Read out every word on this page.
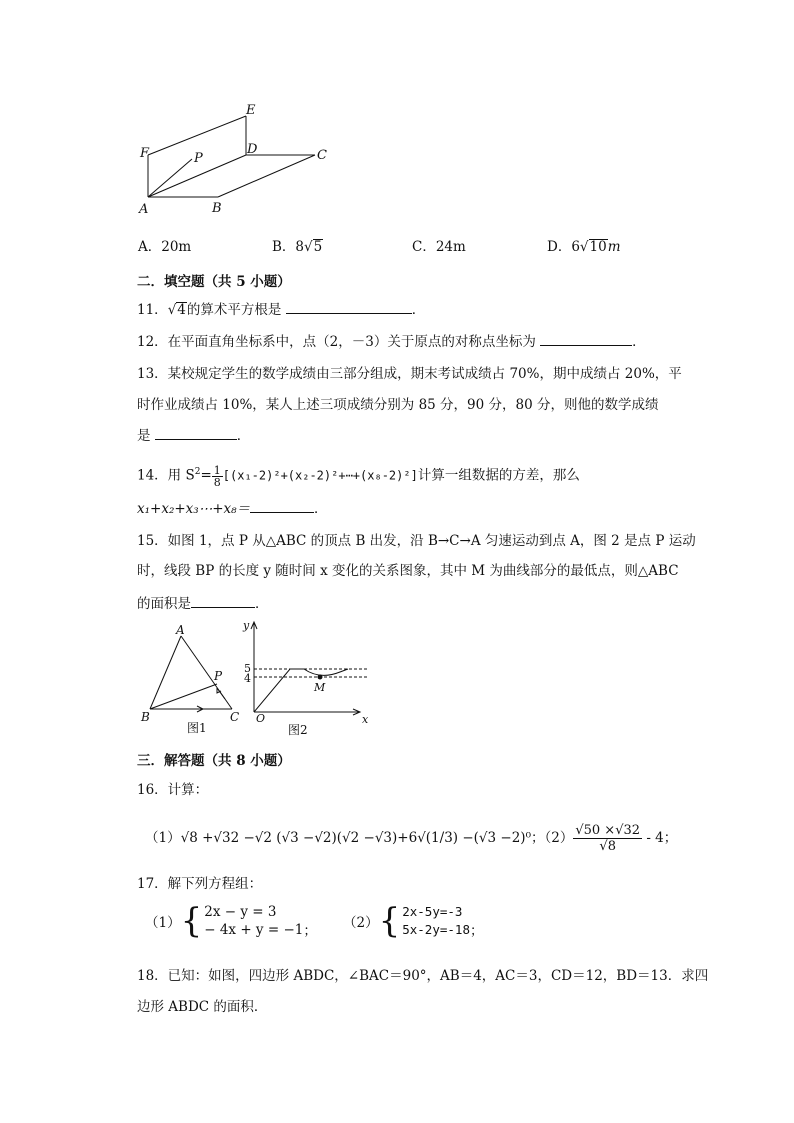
E
F	P
D	C
A	B
A．20m	B．8√5	C．24m	D．6√10m
二．填空题（共 5 小题）
11．√4的算术平方根是	．
12．在平面直角坐标系中，点（2，－3）关于原点的对称点坐标为	．
13．某校规定学生的数学成绩由三部分组成，期末考试成绩占 70%，期中成绩占 20%，平
时作业成绩占 10%，某人上述三项成绩分别为 85 分，90 分，80 分，则他的数学成绩
是	．
14．用 $S^2= \frac{1}{8}$ [(x₁-2)²+(x₂-2)²+⋯+(x₈-2)²]计算一组数据的方差，那么
x₁+x₂+x₃⋯+x₈＝	．
15．如图 1，点 P 从△ABC 的顶点 B 出发，沿 B→C→A 匀速运动到点 A，图 2 是点 P 运动
时，线段 BP 的长度 y 随时间 x 变化的关系图象，其中 M 为曲线部分的最低点，则△ABC
的面积是	．
A
P
B	C
图1
y
5
4
M
O	x
图2
三．解答题（共 8 小题）
16．计算：
（1）√8 +√32 −√2 (√3 −√2)(√2 −√3)+6√(1/3) −(√3 −2)⁰；$(2) \frac{√50 \times√32}{√8} - 4$；
17．解下列方程组：
（1）{ 2x − y = 3
− 4x + y = −1 ； （2）{ 2x-5y=-3
5x-2y=-18 ；
18．已知：如图，四边形 ABDC，∠BAC＝90°，AB＝4，AC＝3，CD＝12，BD＝13．求四
边形 ABDC 的面积．
